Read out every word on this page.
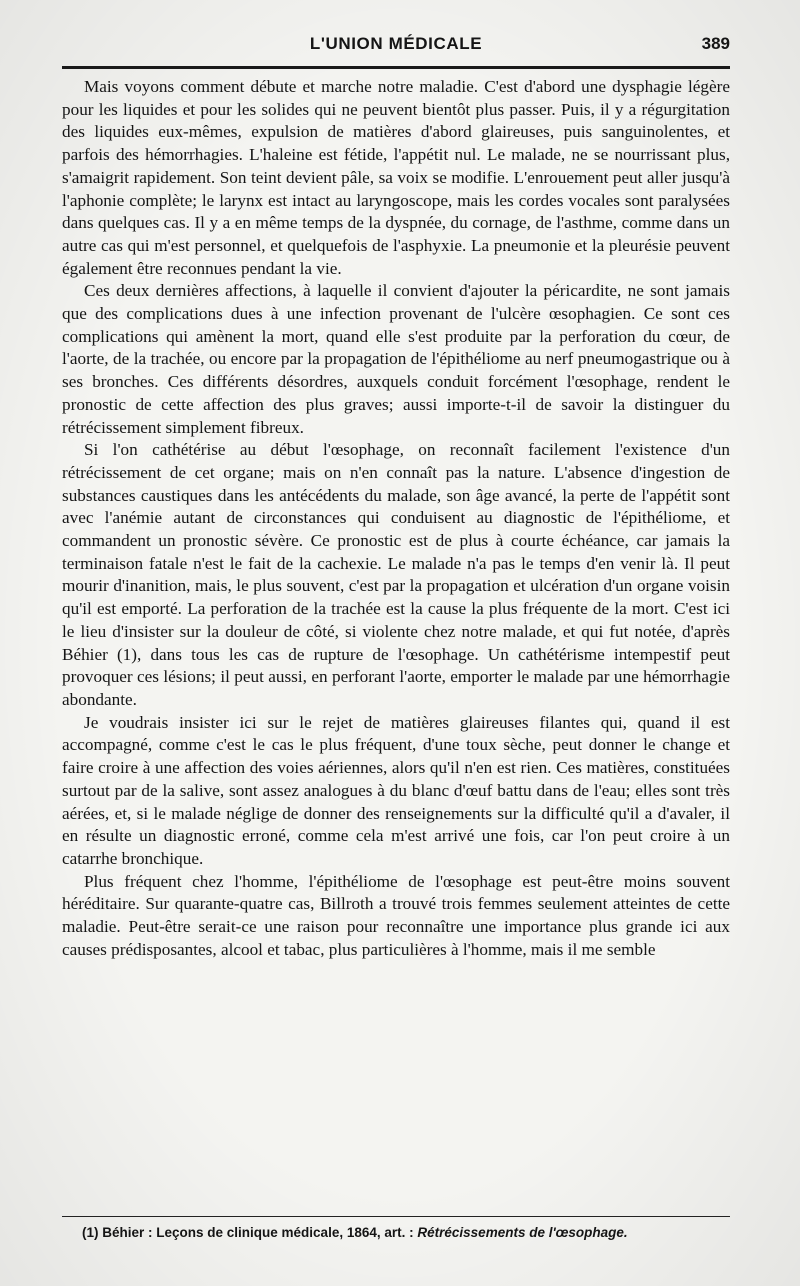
L'UNION MÉDICALE	389

Mais voyons comment débute et marche notre maladie. C'est d'abord une dysphagie légère pour les liquides et pour les solides qui ne peuvent bientôt plus passer. Puis, il y a régurgitation des liquides eux-mêmes, expulsion de matières d'abord glaireuses, puis sanguinolentes, et parfois des hémorrhagies. L'haleine est fétide, l'appétit nul. Le malade, ne se nourrissant plus, s'amaigrit rapidement. Son teint devient pâle, sa voix se modifie. L'enrouement peut aller jusqu'à l'aphonie complète; le larynx est intact au laryngoscope, mais les cordes vocales sont paralysées dans quelques cas. Il y a en même temps de la dyspnée, du cornage, de l'asthme, comme dans un autre cas qui m'est personnel, et quelquefois de l'asphyxie. La pneumonie et la pleurésie peuvent également être reconnues pendant la vie.

Ces deux dernières affections, à laquelle il convient d'ajouter la péricardite, ne sont jamais que des complications dues à une infection provenant de l'ulcère œsophagien. Ce sont ces complications qui amènent la mort, quand elle s'est produite par la perforation du cœur, de l'aorte, de la trachée, ou encore par la propagation de l'épithéliome au nerf pneumogastrique ou à ses bronches. Ces différents désordres, auxquels conduit forcément l'œsophage, rendent le pronostic de cette affection des plus graves; aussi importe-t-il de savoir la distinguer du rétrécissement simplement fibreux.

Si l'on cathétérise au début l'œsophage, on reconnaît facilement l'existence d'un rétrécissement de cet organe; mais on n'en connaît pas la nature. L'absence d'ingestion de substances caustiques dans les antécédents du malade, son âge avancé, la perte de l'appétit sont avec l'anémie autant de circonstances qui conduisent au diagnostic de l'épithéliome, et commandent un pronostic sévère. Ce pronostic est de plus à courte échéance, car jamais la terminaison fatale n'est le fait de la cachexie. Le malade n'a pas le temps d'en venir là. Il peut mourir d'inanition, mais, le plus souvent, c'est par la propagation et ulcération d'un organe voisin qu'il est emporté. La perforation de la trachée est la cause la plus fréquente de la mort. C'est ici le lieu d'insister sur la douleur de côté, si violente chez notre malade, et qui fut notée, d'après Béhier (1), dans tous les cas de rupture de l'œsophage. Un cathétérisme intempestif peut provoquer ces lésions; il peut aussi, en perforant l'aorte, emporter le malade par une hémorrhagie abondante.

Je voudrais insister ici sur le rejet de matières glaireuses filantes qui, quand il est accompagné, comme c'est le cas le plus fréquent, d'une toux sèche, peut donner le change et faire croire à une affection des voies aériennes, alors qu'il n'en est rien. Ces matières, constituées surtout par de la salive, sont assez analogues à du blanc d'œuf battu dans de l'eau; elles sont très aérées, et, si le malade néglige de donner des renseignements sur la difficulté qu'il a d'avaler, il en résulte un diagnostic erroné, comme cela m'est arrivé une fois, car l'on peut croire à un catarrhe bronchique.

Plus fréquent chez l'homme, l'épithéliome de l'œsophage est peut-être moins souvent héréditaire. Sur quarante-quatre cas, Billroth a trouvé trois femmes seulement atteintes de cette maladie. Peut-être serait-ce une raison pour reconnaître une importance plus grande ici aux causes prédisposantes, alcool et tabac, plus particulières à l'homme, mais il me semble

(1) Béhier : Leçons de clinique médicale, 1864, art. : Rétrécissements de l'œsophage.
